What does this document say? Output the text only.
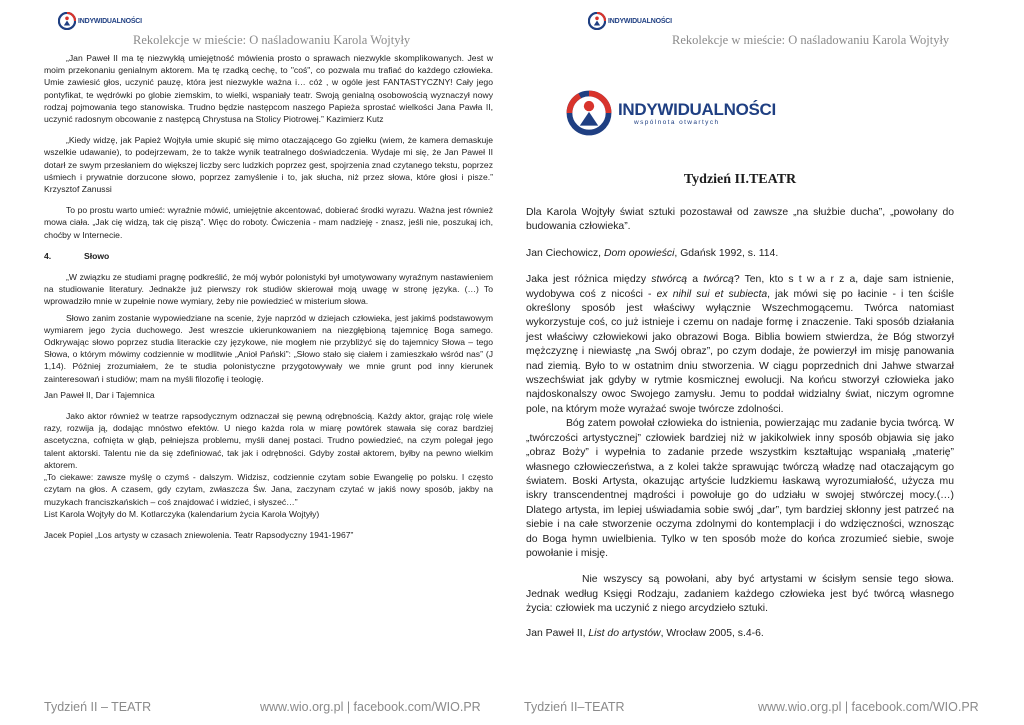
INDYWIDUALNOŚCI
Rekolekcje w mieście: O naśladowaniu Karola Wojtyły

„Jan Paweł II ma tę niezwykłą umiejętność mówienia prosto o sprawach niezwykle skomplikowanych. Jest w moim przekonaniu genialnym aktorem. Ma tę rzadką cechę, to "coś", co pozwala mu trafiać do każdego człowieka. Umie zawiesić głos, uczynić pauzę, która jest niezwykle ważna i… cóż , w ogóle jest FANTASTYCZNY! Cały jego pontyfikat, te wędrówki po globie ziemskim, to wielki, wspaniały teatr. Swoją genialną osobowością wyznaczył nowy rodzaj pojmowania tego stanowiska. Trudno będzie następcom naszego Papieża sprostać wielkości Jana Pawła II, uczynić radosnym obcowanie z następcą Chrystusa na Stolicy Piotrowej.” Kazimierz Kutz

„Kiedy widzę, jak Papież Wojtyła umie skupić się mimo otaczającego Go zgiełku (wiem, że kamera demaskuje wszelkie udawanie), to podejrzewam, że to także wynik teatralnego doświadczenia. Wydaje mi się, że Jan Paweł II dotarł ze swym przesłaniem do większej liczby serc ludzkich poprzez gest, spojrzenia znad czytanego tekstu, poprzez uśmiech i prywatnie dorzucone słowo, poprzez zamyślenie i to, jak słucha, niż przez słowa, które głosi i pisze.” Krzysztof Zanussi

To po prostu warto umieć: wyraźnie mówić, umiejętnie akcentować, dobierać środki wyrazu. Ważna jest również mowa ciała. „Jak cię widzą, tak cię piszą”. Więc do roboty. Ćwiczenia - mam nadzieję - znasz, jeśli nie, poszukaj ich, choćby w Internecie.

4.	Słowo

„W związku ze studiami pragnę podkreślić, że mój wybór polonistyki był umotywowany wyraźnym nastawieniem na studiowanie literatury. Jednakże już pierwszy rok studiów skierował moją uwagę w stronę języka. (…) To wprowadziło mnie w zupełnie nowe wymiary, żeby nie powiedzieć w misterium słowa.

Słowo zanim zostanie wypowiedziane na scenie, żyje naprzód w dziejach człowieka, jest jakimś podstawowym wymiarem jego życia duchowego. Jest wreszcie ukierunkowaniem na niezgłębioną tajemnicę Boga samego. Odkrywając słowo poprzez studia literackie czy językowe, nie mogłem nie przybliżyć się do tajemnicy Słowa – tego Słowa, o którym mówimy codziennie w modlitwie „Anioł Pański”: „Słowo stało się ciałem i zamieszkało wśród nas” (J 1,14). Później zrozumiałem, że te studia polonistyczne przygotowywały we mnie grunt pod inny kierunek zainteresowań i studiów; mam na myśli filozofię i teologię.

Jan Paweł II, Dar i Tajemnica

Jako aktor również w teatrze rapsodycznym odznaczał się pewną odrębnością. Każdy aktor, grając rolę wiele razy, rozwija ją, dodając mnóstwo efektów. U niego każda rola w miarę powtórek stawała się coraz bardziej ascetyczna, cofnięta w głąb, pełniejsza problemu, myśli danej postaci. Trudno powiedzieć, na czym polegał jego talent aktorski. Talentu nie da się zdefiniować, tak jak i odrębności. Gdyby został aktorem, byłby na pewno wielkim aktorem.

„To ciekawe: zawsze myślę o czymś - dalszym. Widzisz, codziennie czytam sobie Ewangelię po polsku. I często czytam na głos. A czasem, gdy czytam, zwłaszcza Św. Jana, zaczynam czytać w jakiś nowy sposób, jakby na muzykach franciszkańskich – coś znajdować i widzieć, i słyszeć…”

List Karola Wojtyły do M. Kotlarczyka (kalendarium życia Karola Wojtyły)

Jacek Popiel „Los artysty w czasach zniewolenia. Teatr Rapsodyczny 1941-1967”

Tydzień II – TEATR	www.wio.org.pl | facebook.com/WIO.PR
INDYWIDUALNOŚCI
Rekolekcje w mieście: O naśladowaniu Karola Wojtyły
INDYWIDUALNOŚCI
wspólnota otwartych
Tydzień II.TEATR

Dla Karola Wojtyły świat sztuki pozostawał od zawsze „na służbie ducha”, „powołany do budowania człowieka”.

Jan Ciechowicz, Dom opowieści, Gdańsk 1992, s. 114.

Jaka jest różnica między stwórcą a twórcą? Ten, kto s t w a r z a, daje sam istnienie, wydobywa coś z nicości - ex nihil sui et subiecta, jak mówi się po łacinie - i ten ściśle określony sposób jest właściwy wyłącznie Wszechmogącemu. Twórca natomiast wykorzystuje coś, co już istnieje i czemu on nadaje formę i znaczenie. Taki sposób działania jest właściwy człowiekowi jako obrazowi Boga. Biblia bowiem stwierdza, że Bóg stworzył mężczyznę i niewiastę „na Swój obraz”, po czym dodaje, że powierzył im misję panowania nad ziemią. Było to w ostatnim dniu stworzenia. W ciągu poprzednich dni Jahwe stwarzał wszechświat jak gdyby w rytmie kosmicznej ewolucji. Na końcu stworzył człowieka jako najdoskonalszy owoc Swojego zamysłu. Jemu to poddał widzialny świat, niczym ogromne pole, na którym może wyrażać swoje twórcze zdolności.

Bóg zatem powołał człowieka do istnienia, powierzając mu zadanie bycia twórcą. W „twórczości artystycznej” człowiek bardziej niż w jakikolwiek inny sposób objawia się jako „obraz Boży” i wypełnia to zadanie przede wszystkim kształtując wspaniałą „materię” własnego człowieczeństwa, a z kolei także sprawując twórczą władzę nad otaczającym go światem. Boski Artysta, okazując artyście ludzkiemu łaskawą wyrozumiałość, użycza mu iskry transcendentnej mądrości i powołuje go do udziału w swojej stwórczej mocy.(…) Dlatego artysta, im lepiej uświadamia sobie swój „dar”, tym bardziej skłonny jest patrzeć na siebie i na całe stworzenie oczyma zdolnymi do kontemplacji i do wdzięczności, wznosząc do Boga hymn uwielbienia. Tylko w ten sposób może do końca zrozumieć siebie, swoje powołanie i misję.

Nie wszyscy są powołani, aby być artystami w ścisłym sensie tego słowa. Jednak według Księgi Rodzaju, zadaniem każdego człowieka jest być twórcą własnego życia: człowiek ma uczynić z niego arcydzieło sztuki.

Jan Paweł II, List do artystów, Wrocław 2005, s.4-6.

Tydzień II–TEATR	www.wio.org.pl | facebook.com/WIO.PR
